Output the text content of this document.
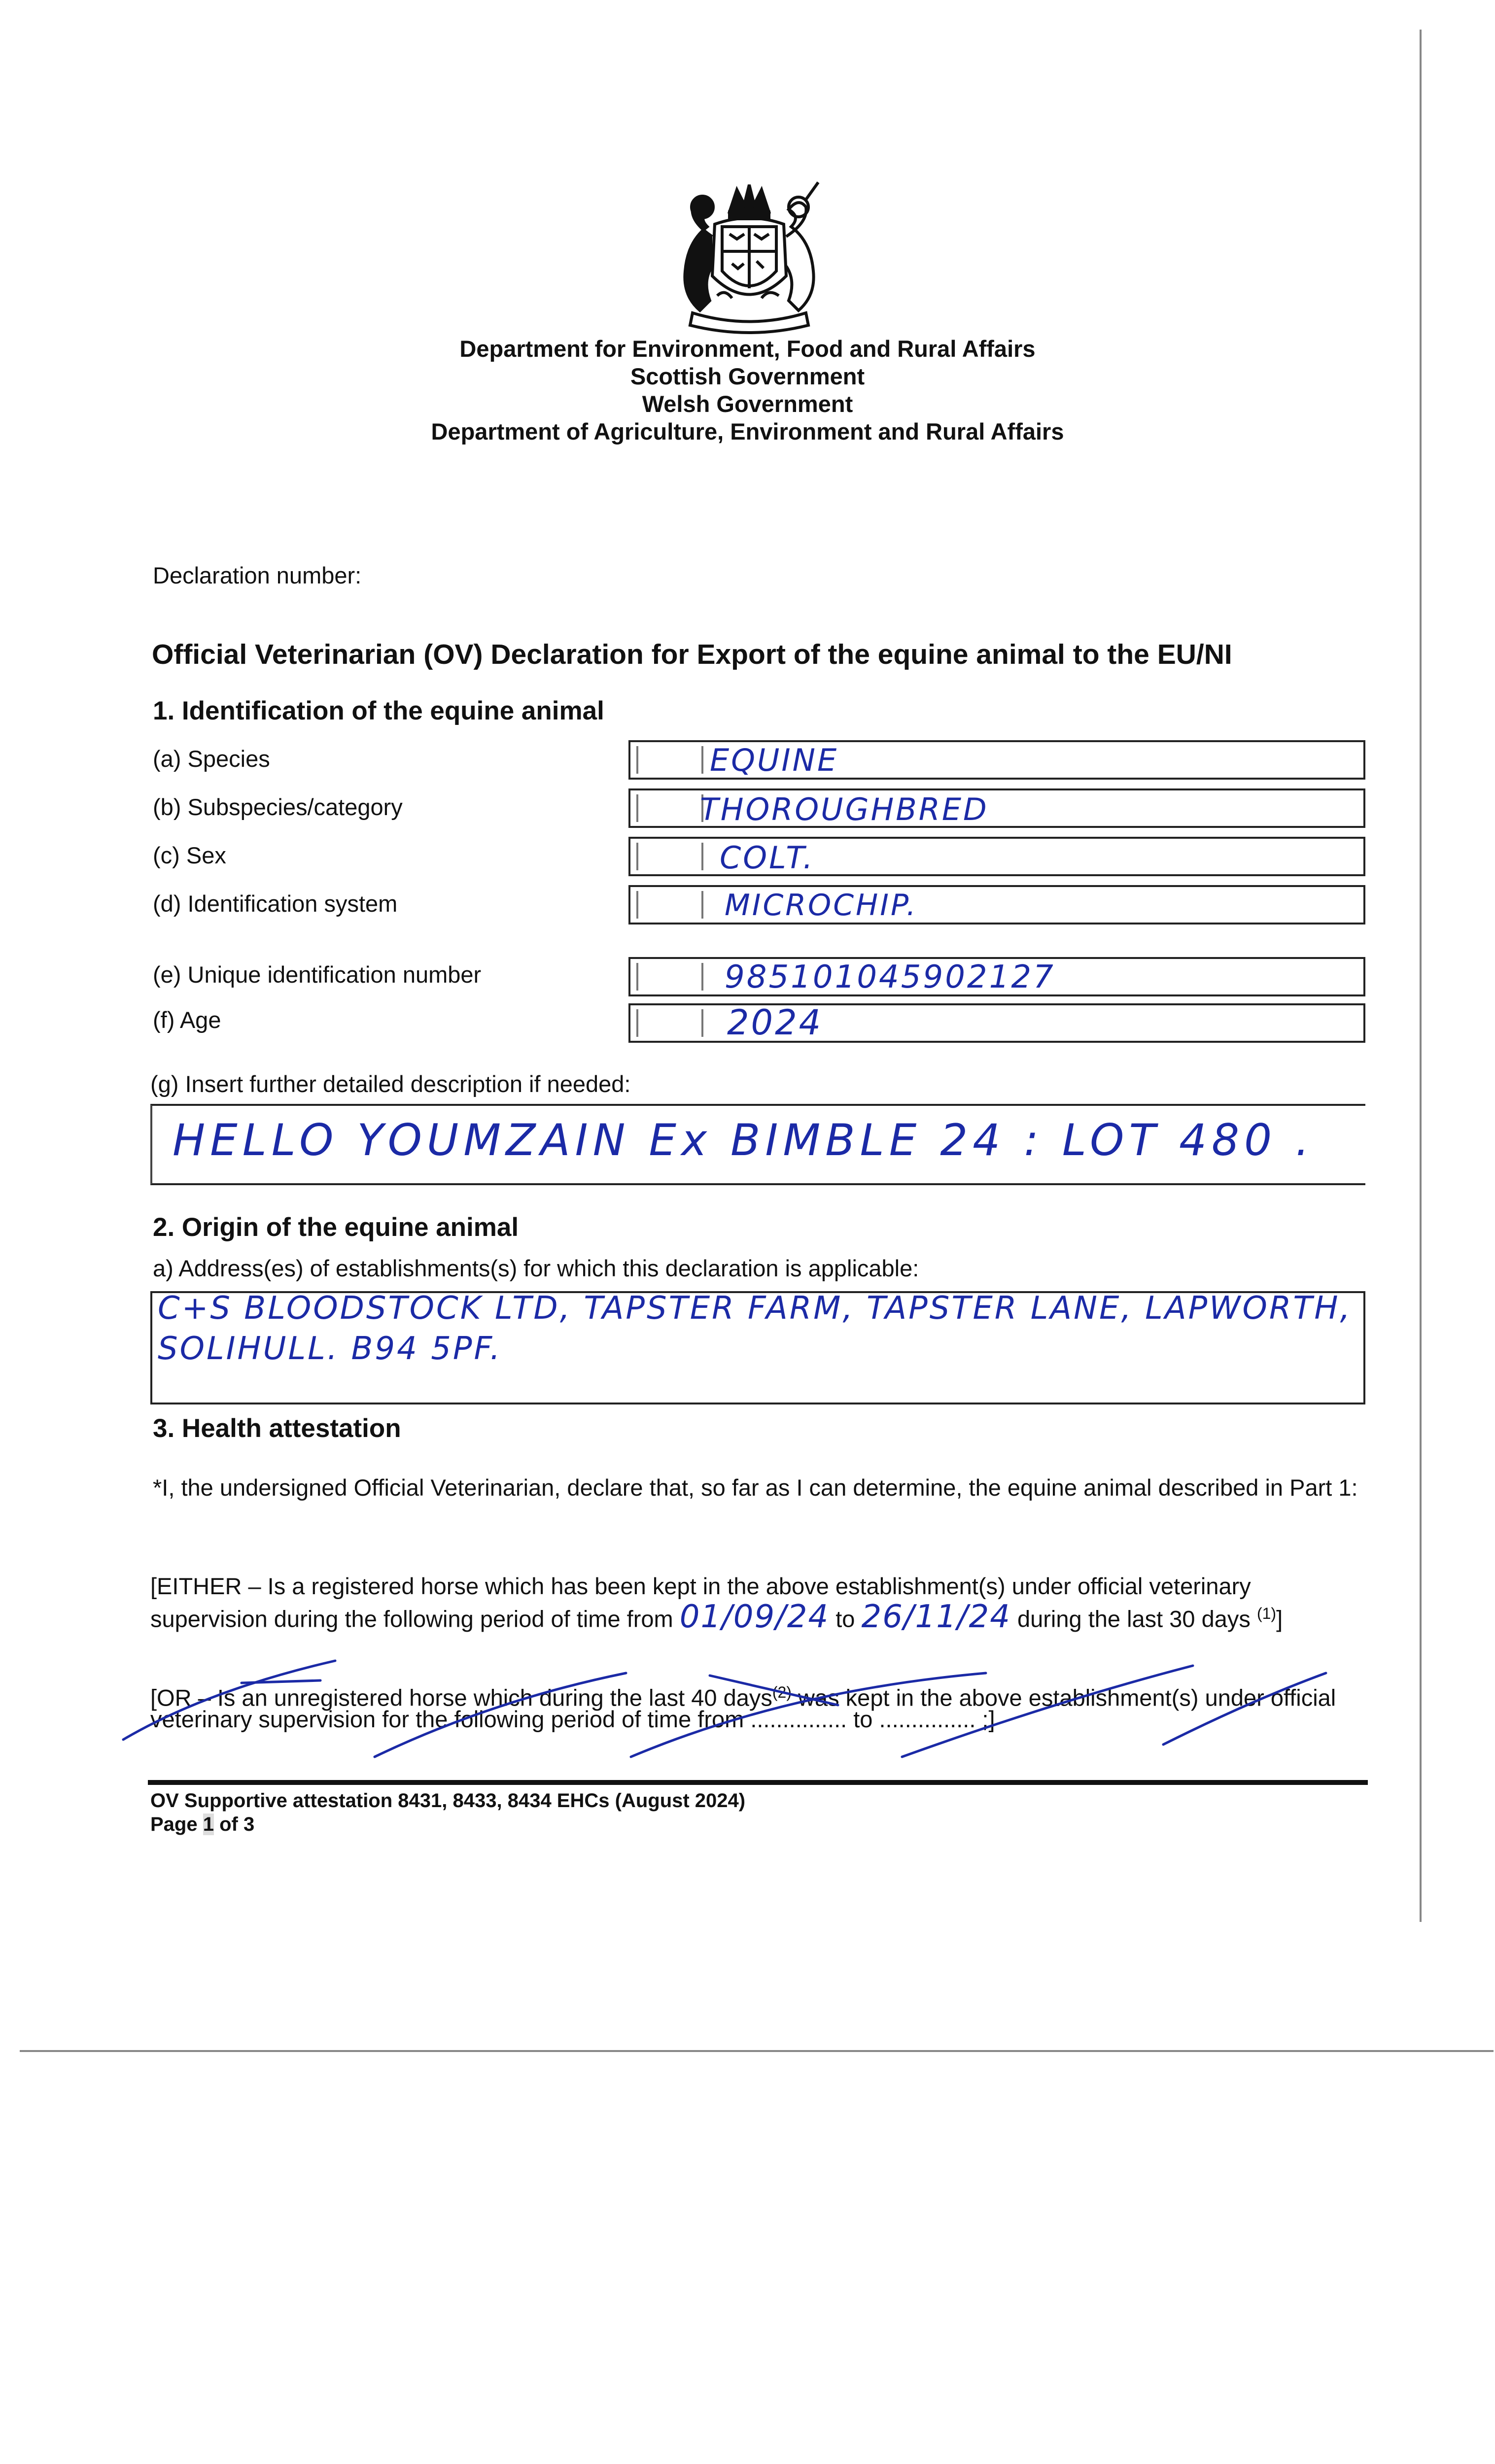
Department for Environment, Food and Rural Affairs
Scottish Government
Welsh Government
Department of Agriculture, Environment and Rural Affairs
Declaration number:
Official Veterinarian (OV) Declaration for Export of the equine animal to the EU/NI
1. Identification of the equine animal
(a) Species	EQUINE
(b) Subspecies/category	THOROUGHBRED
(c) Sex	COLT.
(d) Identification system	MICROCHIP.
(e) Unique identification number	985101045902127
(f) Age	2024
(g) Insert further detailed description if needed:
HELLO YOUMZAIN Ex BIMBLE 24 : LOT 480 .
2. Origin of the equine animal
a) Address(es) of establishments(s) for which this declaration is applicable:
C+S BLOODSTOCK LTD, TAPSTER FARM, TAPSTER LANE, LAPWORTH,
SOLIHULL. B94 5PF.
3. Health attestation
*I, the undersigned Official Veterinarian, declare that, so far as I can determine, the equine animal described in Part 1:
[EITHER – Is a registered horse which has been kept in the above establishment(s) under official veterinary
supervision during the following period of time from 01/09/24 to 26/11/24 during the last 30 days $^{(1)}$]
[OR – Is an unregistered horse which during the last 40 days$^{(2)}$ was kept in the above establishment(s) under official
veterinary supervision for the following period of time from ............... to ............... ;]
OV Supportive attestation 8431, 8433, 8434 EHCs (August 2024)
Page 1 of 3
